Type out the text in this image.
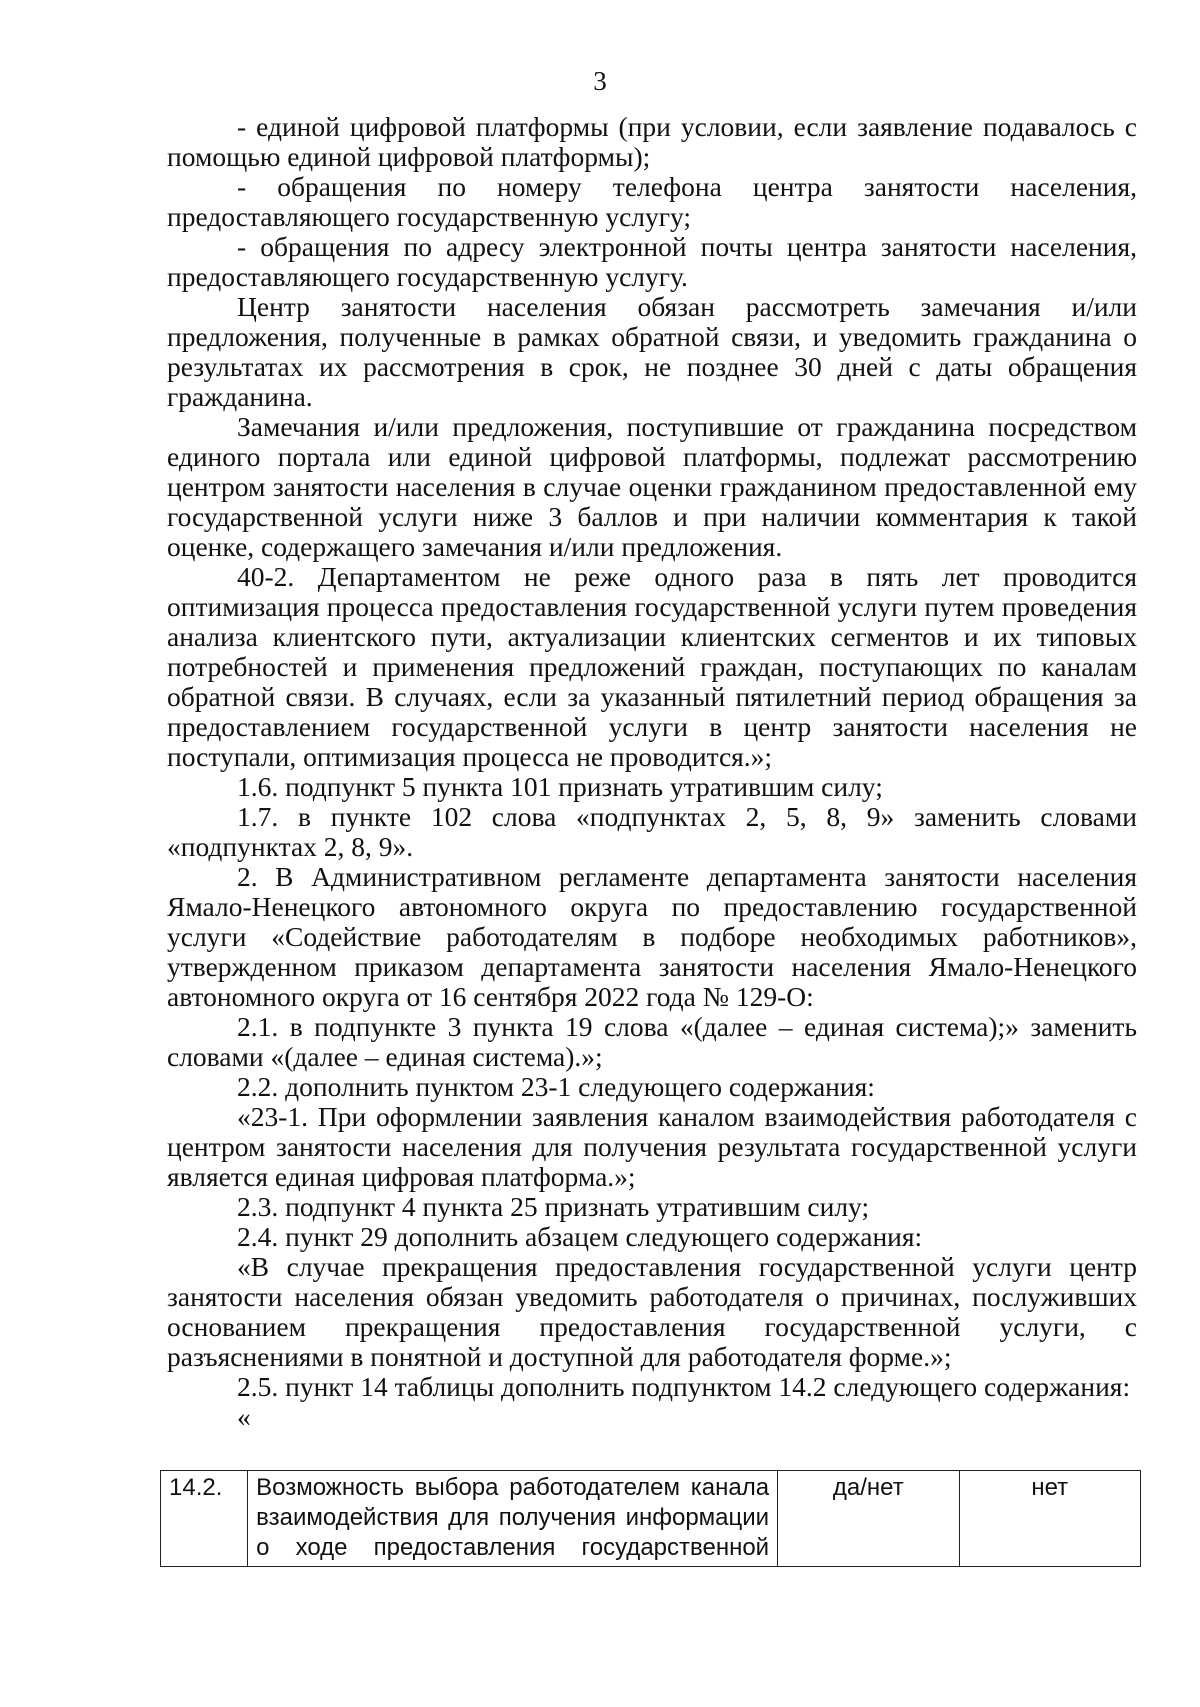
3

- единой цифровой платформы (при условии, если заявление подавалось с помощью единой цифровой платформы);

- обращения по номеру телефона центра занятости населения, предоставляющего государственную услугу;

- обращения по адресу электронной почты центра занятости населения, предоставляющего государственную услугу.

Центр занятости населения обязан рассмотреть замечания и/или предложения, полученные в рамках обратной связи, и уведомить гражданина о результатах их рассмотрения в срок, не позднее 30 дней с даты обращения гражданина.

Замечания и/или предложения, поступившие от гражданина посредством единого портала или единой цифровой платформы, подлежат рассмотрению центром занятости населения в случае оценки гражданином предоставленной ему государственной услуги ниже 3 баллов и при наличии комментария к такой оценке, содержащего замечания и/или предложения.

40-2. Департаментом не реже одного раза в пять лет проводится оптимизация процесса предоставления государственной услуги путем проведения анализа клиентского пути, актуализации клиентских сегментов и их типовых потребностей и применения предложений граждан, поступающих по каналам обратной связи. В случаях, если за указанный пятилетний период обращения за предоставлением государственной услуги в центр занятости населения не поступали, оптимизация процесса не проводится.»;

1.6. подпункт 5 пункта 101 признать утратившим силу;

1.7. в пункте 102 слова «подпунктах 2, 5, 8, 9» заменить словами «подпунктах 2, 8, 9».

2. В Административном регламенте департамента занятости населения Ямало-Ненецкого автономного округа по предоставлению государственной услуги «Содействие работодателям в подборе необходимых работников», утвержденном приказом департамента занятости населения Ямало-Ненецкого автономного округа от 16 сентября 2022 года № 129-О:

2.1. в подпункте 3 пункта 19 слова «(далее – единая система);» заменить словами «(далее – единая система).»;

2.2. дополнить пунктом 23-1 следующего содержания:

«23-1. При оформлении заявления каналом взаимодействия работодателя с центром занятости населения для получения результата государственной услуги является единая цифровая платформа.»;

2.3. подпункт 4 пункта 25 признать утратившим силу;

2.4. пункт 29 дополнить абзацем следующего содержания:

«В случае прекращения предоставления государственной услуги центр занятости населения обязан уведомить работодателя о причинах, послуживших основанием прекращения предоставления государственной услуги, с разъяснениями в понятной и доступной для работодателя форме.»;

2.5. пункт 14 таблицы дополнить подпунктом 14.2 следующего содержания:

«
14.2.	Возможность выбора работодателем канала взаимодействия для получения информации о ходе предоставления государственной	да/нет	нет
